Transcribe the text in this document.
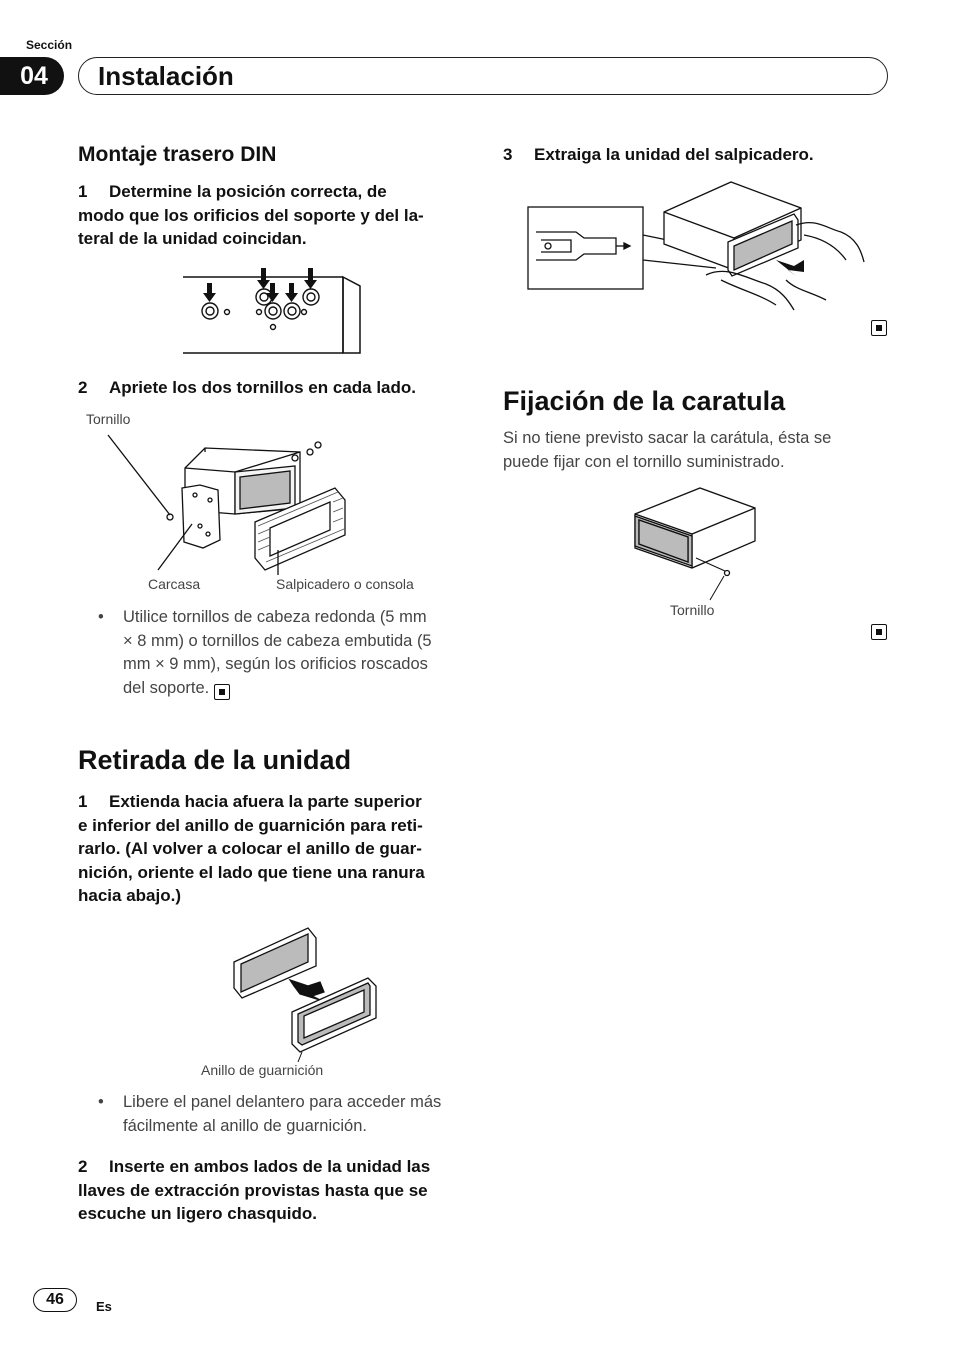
Sección
04	Instalación
Montaje trasero DIN
1 Determine la posición correcta, de
modo que los orificios del soporte y del la-
teral de la unidad coincidan.
2 Apriete los dos tornillos en cada lado.
Tornillo
Carcasa	Salpicadero o consola
• Utilice tornillos de cabeza redonda (5 mm
× 8 mm) o tornillos de cabeza embutida (5
mm × 9 mm), según los orificios roscados
del soporte.
Retirada de la unidad
1 Extienda hacia afuera la parte superior
e inferior del anillo de guarnición para reti-
rarlo. (Al volver a colocar el anillo de guar-
nición, oriente el lado que tiene una ranura
hacia abajo.)
Anillo de guarnición
• Libere el panel delantero para acceder más
fácilmente al anillo de guarnición.
2 Inserte en ambos lados de la unidad las
llaves de extracción provistas hasta que se
escuche un ligero chasquido.
3 Extraiga la unidad del salpicadero.
Fijación de la caratula
Si no tiene previsto sacar la carátula, ésta se
puede fijar con el tornillo suministrado.
Tornillo
46	Es
